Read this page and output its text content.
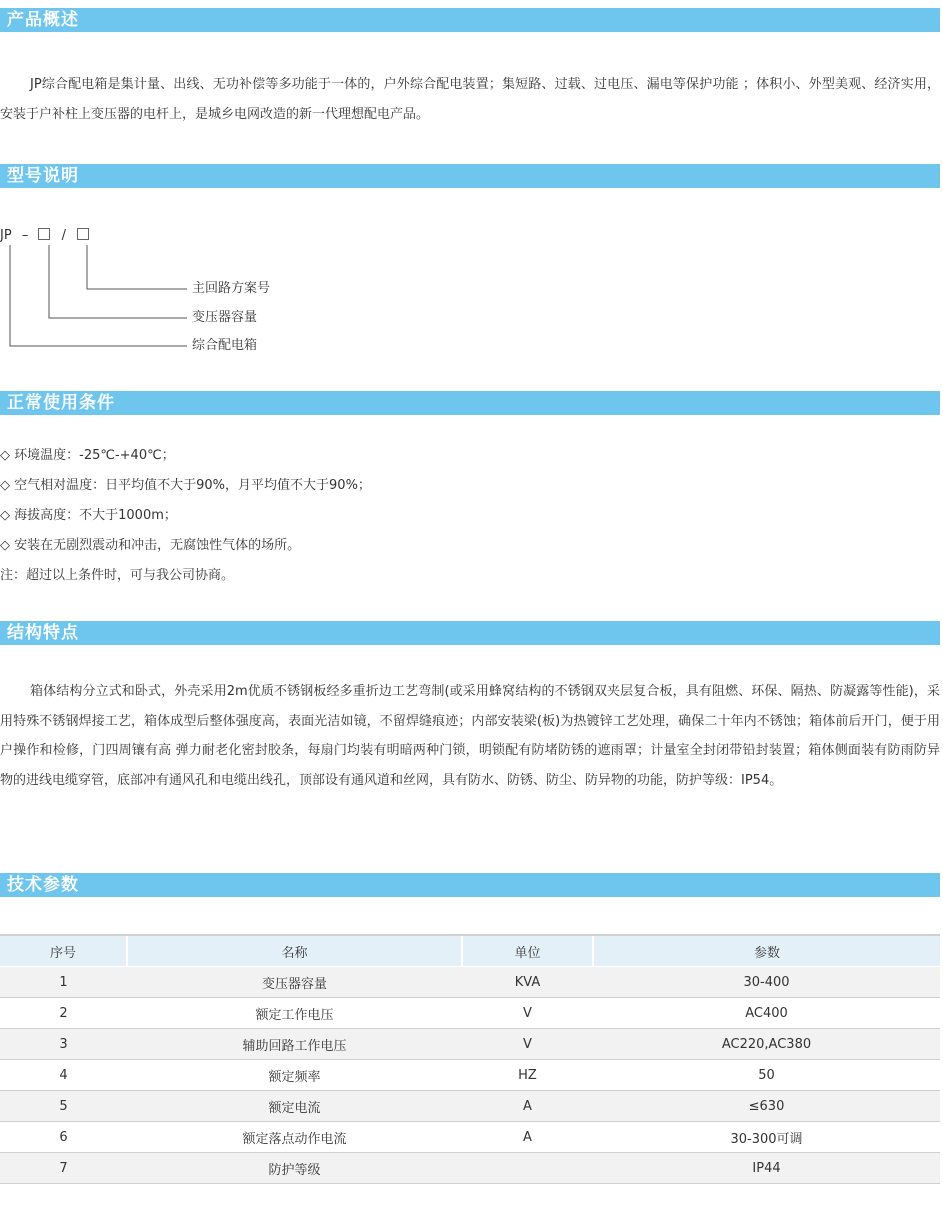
产品概述

JP综合配电箱是集计量、出线、无功补偿等多功能于一体的，户外综合配电装置；集短路、过载、过电压、漏电等保护功能 ；体积小、外型美观、经济实用，安装于户补柱上变压器的电杆上，是城乡电网改造的新一代理想配电产品。

型号说明
JP –	/
主回路方案号
变压器容量
综合配电箱
正常使用条件
◇ 环境温度：-25℃-+40℃；
◇ 空气相对温度：日平均值不大于90%，月平均值不大于90%；
◇ 海拔高度：不大于1000m；
◇ 安装在无剧烈震动和冲击，无腐蚀性气体的场所。
注：超过以上条件时，可与我公司协商。
结构特点

箱体结构分立式和卧式，外壳采用2m优质不锈钢板经多重折边工艺弯制(或采用蜂窝结构的不锈钢双夹层复合板，具有阻燃、环保、隔热、防凝露等性能)，采用特殊不锈钢焊接工艺，箱体成型后整体强度高，表面光洁如镜，不留焊缝痕迹；内部安装梁(板)为热镀锌工艺处理，确保二十年内不锈蚀；箱体前后开门，便于用户操作和检修，门四周镶有高 弹力耐老化密封胶条，每扇门均装有明暗两种门锁，明锁配有防堵防锈的遮雨罩；计量室全封闭带铅封装置；箱体侧面装有防雨防异物的进线电缆穿管，底部冲有通风孔和电缆出线孔，顶部设有通风道和丝网，具有防水、防锈、防尘、防异物的功能，防护等级：IP54。

技术参数
序号	名称	单位	参数
1	变压器容量	KVA	30-400
2	额定工作电压	V	AC400
3	辅助回路工作电压	V	AC220,AC380
4	额定频率	HZ	50
5	额定电流	A	≤630
6	额定落点动作电流	A	30-300可调
7	防护等级		IP44
